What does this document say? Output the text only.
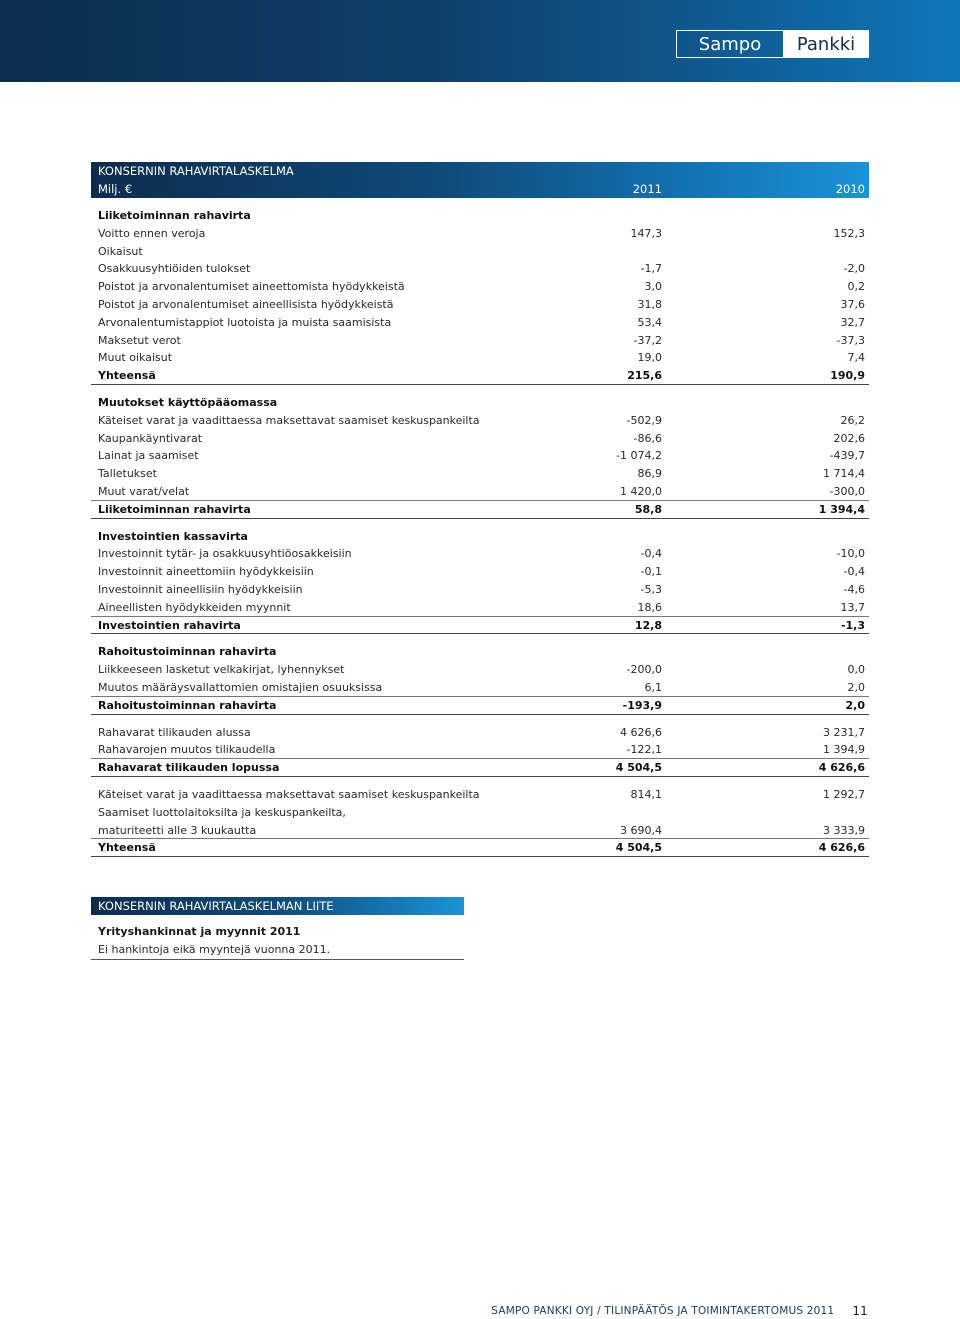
Sampo	Pankki
KONSERNIN RAHAVIRTALASKELMA
Milj. €	2011	2010
Liiketoiminnan rahavirta
Voitto ennen veroja	147,3	152,3
Oikaisut
Osakkuusyhtiöiden tulokset	-1,7	-2,0
Poistot ja arvonalentumiset aineettomista hyödykkeistä	3,0	0,2
Poistot ja arvonalentumiset aineellisista hyödykkeistä	31,8	37,6
Arvonalentumistappiot luotoista ja muista saamisista	53,4	32,7
Maksetut verot	-37,2	-37,3
Muut oikaisut	19,0	7,4
Yhteensä	215,6	190,9
Muutokset käyttöpääomassa
Käteiset varat ja vaadittaessa maksettavat saamiset keskuspankeilta	-502,9	26,2
Kaupankäyntivarat	-86,6	202,6
Lainat ja saamiset	-1 074,2	-439,7
Talletukset	86,9	1 714,4
Muut varat/velat	1 420,0	-300,0
Liiketoiminnan rahavirta	58,8	1 394,4
Investointien kassavirta
Investoinnit tytär- ja osakkuusyhtiöosakkeisiin	-0,4	-10,0
Investoinnit aineettomiin hyödykkeisiin	-0,1	-0,4
Investoinnit aineellisiin hyödykkeisiin	-5,3	-4,6
Aineellisten hyödykkeiden myynnit	18,6	13,7
Investointien rahavirta	12,8	-1,3
Rahoitustoiminnan rahavirta
Liikkeeseen lasketut velkakirjat, lyhennykset	-200,0	0,0
Muutos määräysvallattomien omistajien osuuksissa	6,1	2,0
Rahoitustoiminnan rahavirta	-193,9	2,0
Rahavarat tilikauden alussa	4 626,6	3 231,7
Rahavarojen muutos tilikaudella	-122,1	1 394,9
Rahavarat tilikauden lopussa	4 504,5	4 626,6
Käteiset varat ja vaadittaessa maksettavat saamiset keskuspankeilta	814,1	1 292,7
Saamiset luottolaitoksilta ja keskuspankeilta,
maturiteetti alle 3 kuukautta	3 690,4	3 333,9
Yhteensä	4 504,5	4 626,6
KONSERNIN RAHAVIRTALASKELMAN LIITE
Yrityshankinnat ja myynnit 2011
Ei hankintoja eikä myyntejä vuonna 2011.
SAMPO PANKKI OYJ / TILINPÄÄTÖS JA TOIMINTAKERTOMUS 2011 11
